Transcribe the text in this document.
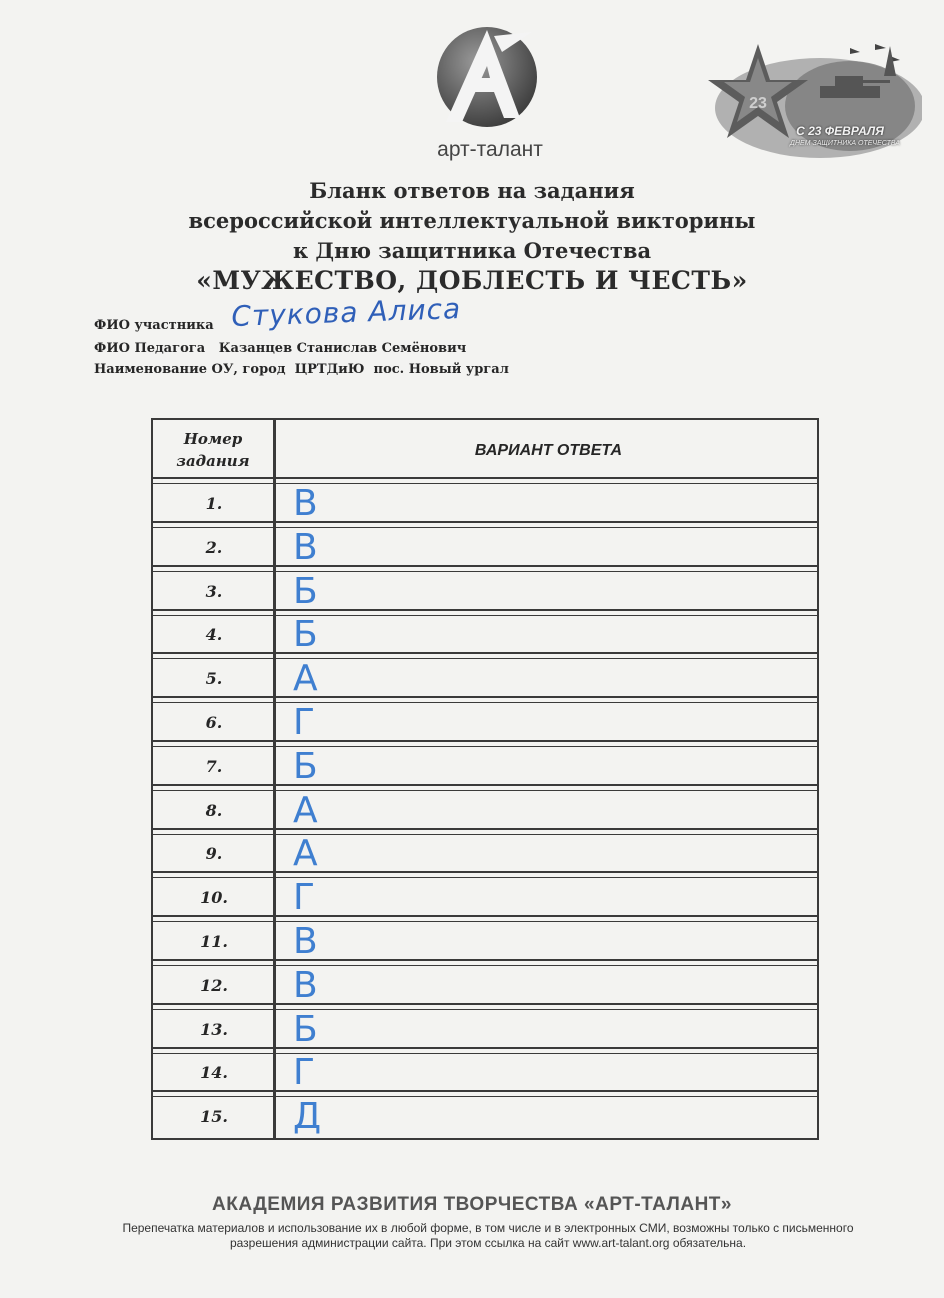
арт-талант
23
С 23 ФЕВРАЛЯ
ДНЕМ ЗАЩИТНИКА ОТЕЧЕСТВА
Бланк ответов на задания
всероссийской интеллектуальной викторины
к Дню защитника Отечества
«МУЖЕСТВО, ДОБЛЕСТЬ И ЧЕСТЬ»
ФИО участника Стукова Алиса
ФИО Педагога Казанцев Станислав Семёнович
Наименование ОУ, город ЦРТДиЮ  пос. Новый ургал
Номер
задания
ВАРИАНТ ОТВЕТА
1.	В
2.	В
3.	Б
4.	Б
5.	А
6.	Г
7.	Б
8.	А
9.	А
10.	Г
11.	В
12.	В
13.	Б
14.	Г
15.	Д
АКАДЕМИЯ РАЗВИТИЯ ТВОРЧЕСТВА «АРТ-ТАЛАНТ»
Перепечатка материалов и использование их в любой форме, в том числе и в электронных СМИ, возможны только с письменного разрешения администрации сайта. При этом ссылка на сайт www.art-talant.org обязательна.
